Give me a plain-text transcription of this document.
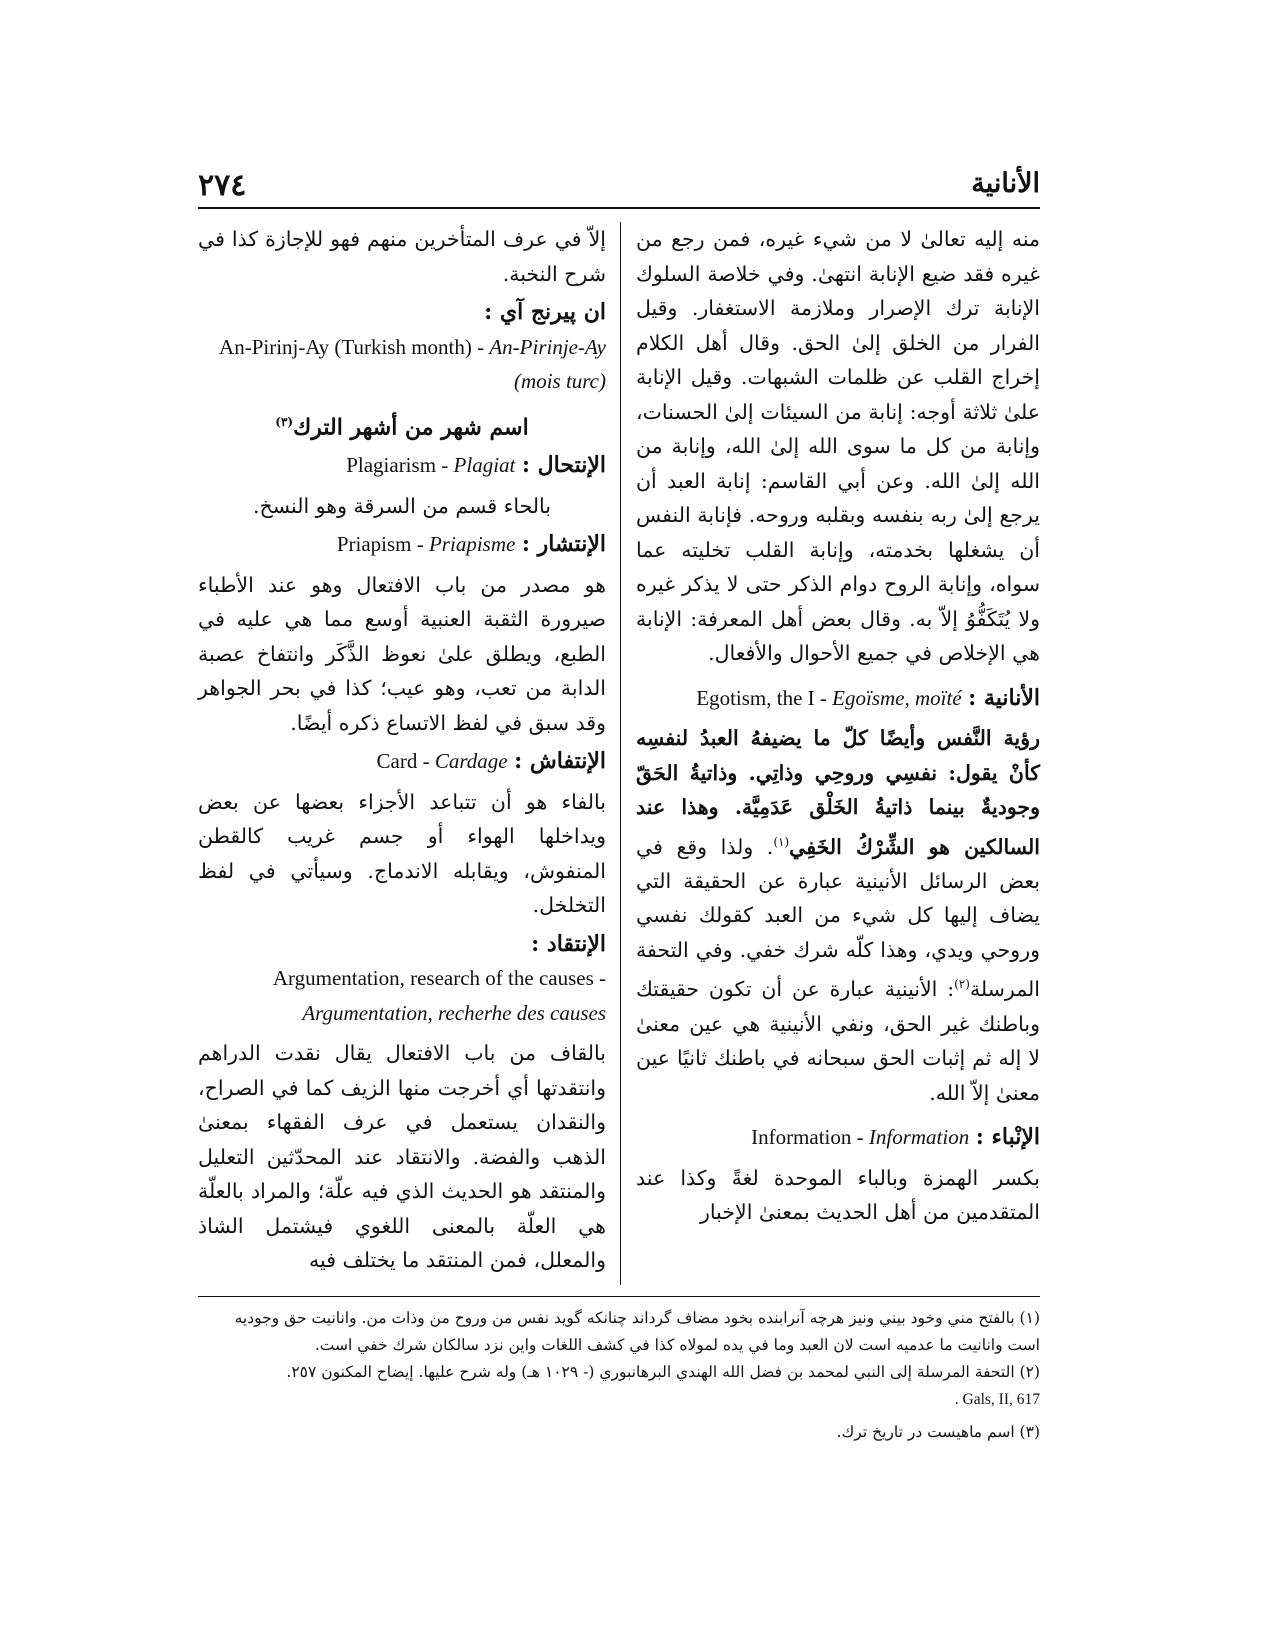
٢٧٤	الأنانية

منه إليه تعالىٰ لا من شيء غيره، فمن رجع من غيره فقد ضيع الإنابة انتهىٰ. وفي خلاصة السلوك الإنابة ترك الإصرار وملازمة الاستغفار. وقيل الفرار من الخلق إلىٰ الحق. وقال أهل الكلام إخراج القلب عن ظلمات الشبهات. وقيل الإنابة علىٰ ثلاثة أوجه: إنابة من السيئات إلىٰ الحسنات، وإنابة من كل ما سوى الله إلىٰ الله، وإنابة من الله إلىٰ الله. وعن أبي القاسم: إنابة العبد أن يرجع إلىٰ ربه بنفسه وبقلبه وروحه. فإنابة النفس أن يشغلها بخدمته، وإنابة القلب تخليته عما سواه، وإنابة الروح دوام الذكر حتى لا يذكر غيره ولا يُتَكَفُّوُ إلاّ به. وقال بعض أهل المعرفة: الإنابة هي الإخلاص في جميع الأحوال والأفعال.

الأنانية : Egotism, the I - Egoïsme, moïté

رؤية النَّفس وأيضًا كلّ ما يضيفهُ العبدُ لنفسِه كأنْ يقول: نفسِي وروحِي وذاتِي. وذاتيةُ الحَقّ وجوديةٌ بينما ذاتيةُ الخَلْق عَدَمِيَّة. وهذا عند السالكين هو الشِّرْكُ الخَفِي$^{(١)}$. ولذا وقع في بعض الرسائل الأنينية عبارة عن الحقيقة التي يضاف إليها كل شيء من العبد كقولك نفسي وروحي ويدي، وهذا كلّه شرك خفي. وفي التحفة المرسلة$^{(٢)}$: الأنينية عبارة عن أن تكون حقيقتك وباطنك غير الحق، ونفي الأنينية هي عين معنىٰ لا إله ثم إثبات الحق سبحانه في باطنك ثانيًا عين معنىٰ إلاّ الله.

الإنْباء : Information - Information

بكسر الهمزة وبالباء الموحدة لغةً وكذا عند المتقدمين من أهل الحديث بمعنىٰ الإخبار

إلاّ في عرف المتأخرين منهم فهو للإجازة كذا في شرح النخبة.

ان پيرنج آي : An-Pirinj-Ay (Turkish month) - An-Pirinje-Ay (mois turc)

اسم شهر من أشهر الترك$^{(٣)}$

الإنتحال : Plagiarism - Plagiat

بالحاء قسم من السرقة وهو النسخ.

الإنتشار : Priapism - Priapisme

هو مصدر من باب الافتعال وهو عند الأطباء صيرورة الثقبة العنبية أوسع مما هي عليه في الطبع، ويطلق علىٰ نعوظ الذَّكَر وانتفاخ عصبة الدابة من تعب، وهو عيب؛ كذا في بحر الجواهر وقد سبق في لفظ الاتساع ذكره أيضًا.

الإنتفاش : Card - Cardage

بالفاء هو أن تتباعد الأجزاء بعضها عن بعض ويداخلها الهواء أو جسم غريب كالقطن المنفوش، ويقابله الاندماج. وسيأتي في لفظ التخلخل.

الإنتقاد : Argumentation, research of the causes - Argumentation, recherhe des causes

بالقاف من باب الافتعال يقال نقدت الدراهم وانتقدتها أي أخرجت منها الزيف كما في الصراح، والنقدان يستعمل في عرف الفقهاء بمعنىٰ الذهب والفضة. والانتقاد عند المحدّثين التعليل والمنتقد هو الحديث الذي فيه علّة؛ والمراد بالعلّة هي العلّة بالمعنى اللغوي فيشتمل الشاذ والمعلل، فمن المنتقد ما يختلف فيه

(١) بالفتح مني وخود بيني ونيز هرچه آنرابنده بخود مضاف گرداند چنانكه گويد نفس من وروح من وذات من. وانانيت حق وجوديه است وانانيت ما عدميه است لان العبد وما في يده لمولاه كذا في كشف اللغات واين نزد سالكان شرك خفي است.

(٢) التحفة المرسلة إلى النبي لمحمد بن فضل الله الهندي البرهانبوري (- ١٠٢٩ هـ) وله شرح عليها. إيضاح المكنون ٢٥٧.

. Gals, II, 617

(٣) اسم ماهيست در تاريخ ترك.
